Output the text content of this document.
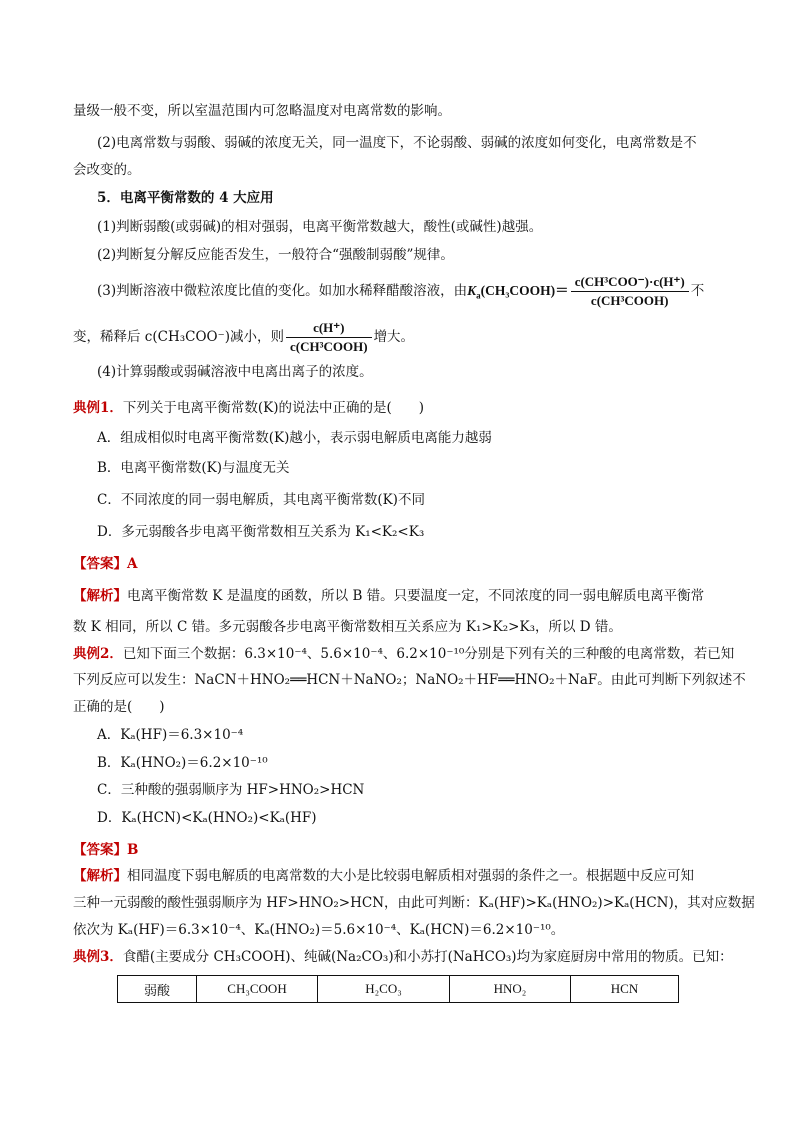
量级一般不变，所以室温范围内可忽略温度对电离常数的影响。
(2)电离常数与弱酸、弱碱的浓度无关，同一温度下，不论弱酸、弱碱的浓度如何变化，电离常数是不
会改变的。
5．电离平衡常数的 4 大应用
(1)判断弱酸(或弱碱)的相对强弱，电离平衡常数越大，酸性(或碱性)越强。
(2)判断复分解反应能否发生，一般符合“强酸制弱酸”规律。
(3)判断溶液中微粒浓度比值的变化。如加水稀释醋酸溶液，由$K_a(CH_3COOH)= \frac{\text{c(CH³COO⁻)·c(H⁺)}}{\text{c(CH³COOH)}}$ 不
变，稀释后 c(CH₃COO⁻)减小，则 $\frac{c(H^+)}{\text{c(CH³COOH)}}$ 增大。
(4)计算弱酸或弱碱溶液中电离出离子的浓度。
典例1．下列关于电离平衡常数(K)的说法中正确的是(　　)
A．组成相似时电离平衡常数(K)越小，表示弱电解质电离能力越弱
B．电离平衡常数(K)与温度无关
C．不同浓度的同一弱电解质，其电离平衡常数(K)不同
D．多元弱酸各步电离平衡常数相互关系为 K₁<K₂<K₃
【答案】A
【解析】电离平衡常数 K 是温度的函数，所以 B 错。只要温度一定，不同浓度的同一弱电解质电离平衡常
数 K 相同，所以 C 错。多元弱酸各步电离平衡常数相互关系应为 K₁>K₂>K₃，所以 D 错。
典例2．已知下面三个数据：6.3×10⁻⁴、5.6×10⁻⁴、6.2×10⁻¹⁰分别是下列有关的三种酸的电离常数，若已知
下列反应可以发生：NaCN＋HNO₂══HCN＋NaNO₂；NaNO₂＋HF══HNO₂＋NaF。由此可判断下列叙述不
正确的是(　　)
A．Kₐ(HF)＝6.3×10⁻⁴
B．Kₐ(HNO₂)＝6.2×10⁻¹⁰
C．三种酸的强弱顺序为 HF>HNO₂>HCN
D．Kₐ(HCN)<Kₐ(HNO₂)<Kₐ(HF)
【答案】B
【解析】相同温度下弱电解质的电离常数的大小是比较弱电解质相对强弱的条件之一。根据题中反应可知
三种一元弱酸的酸性强弱顺序为 HF>HNO₂>HCN，由此可判断：Kₐ(HF)>Kₐ(HNO₂)>Kₐ(HCN)，其对应数据
依次为 Kₐ(HF)＝6.3×10⁻⁴、Kₐ(HNO₂)＝5.6×10⁻⁴、Kₐ(HCN)＝6.2×10⁻¹⁰。
典例3．食醋(主要成分 CH₃COOH)、纯碱(Na₂CO₃)和小苏打(NaHCO₃)均为家庭厨房中常用的物质。已知：
弱酸	CH₃COOH	H₂CO₃	HNO₂	HCN
